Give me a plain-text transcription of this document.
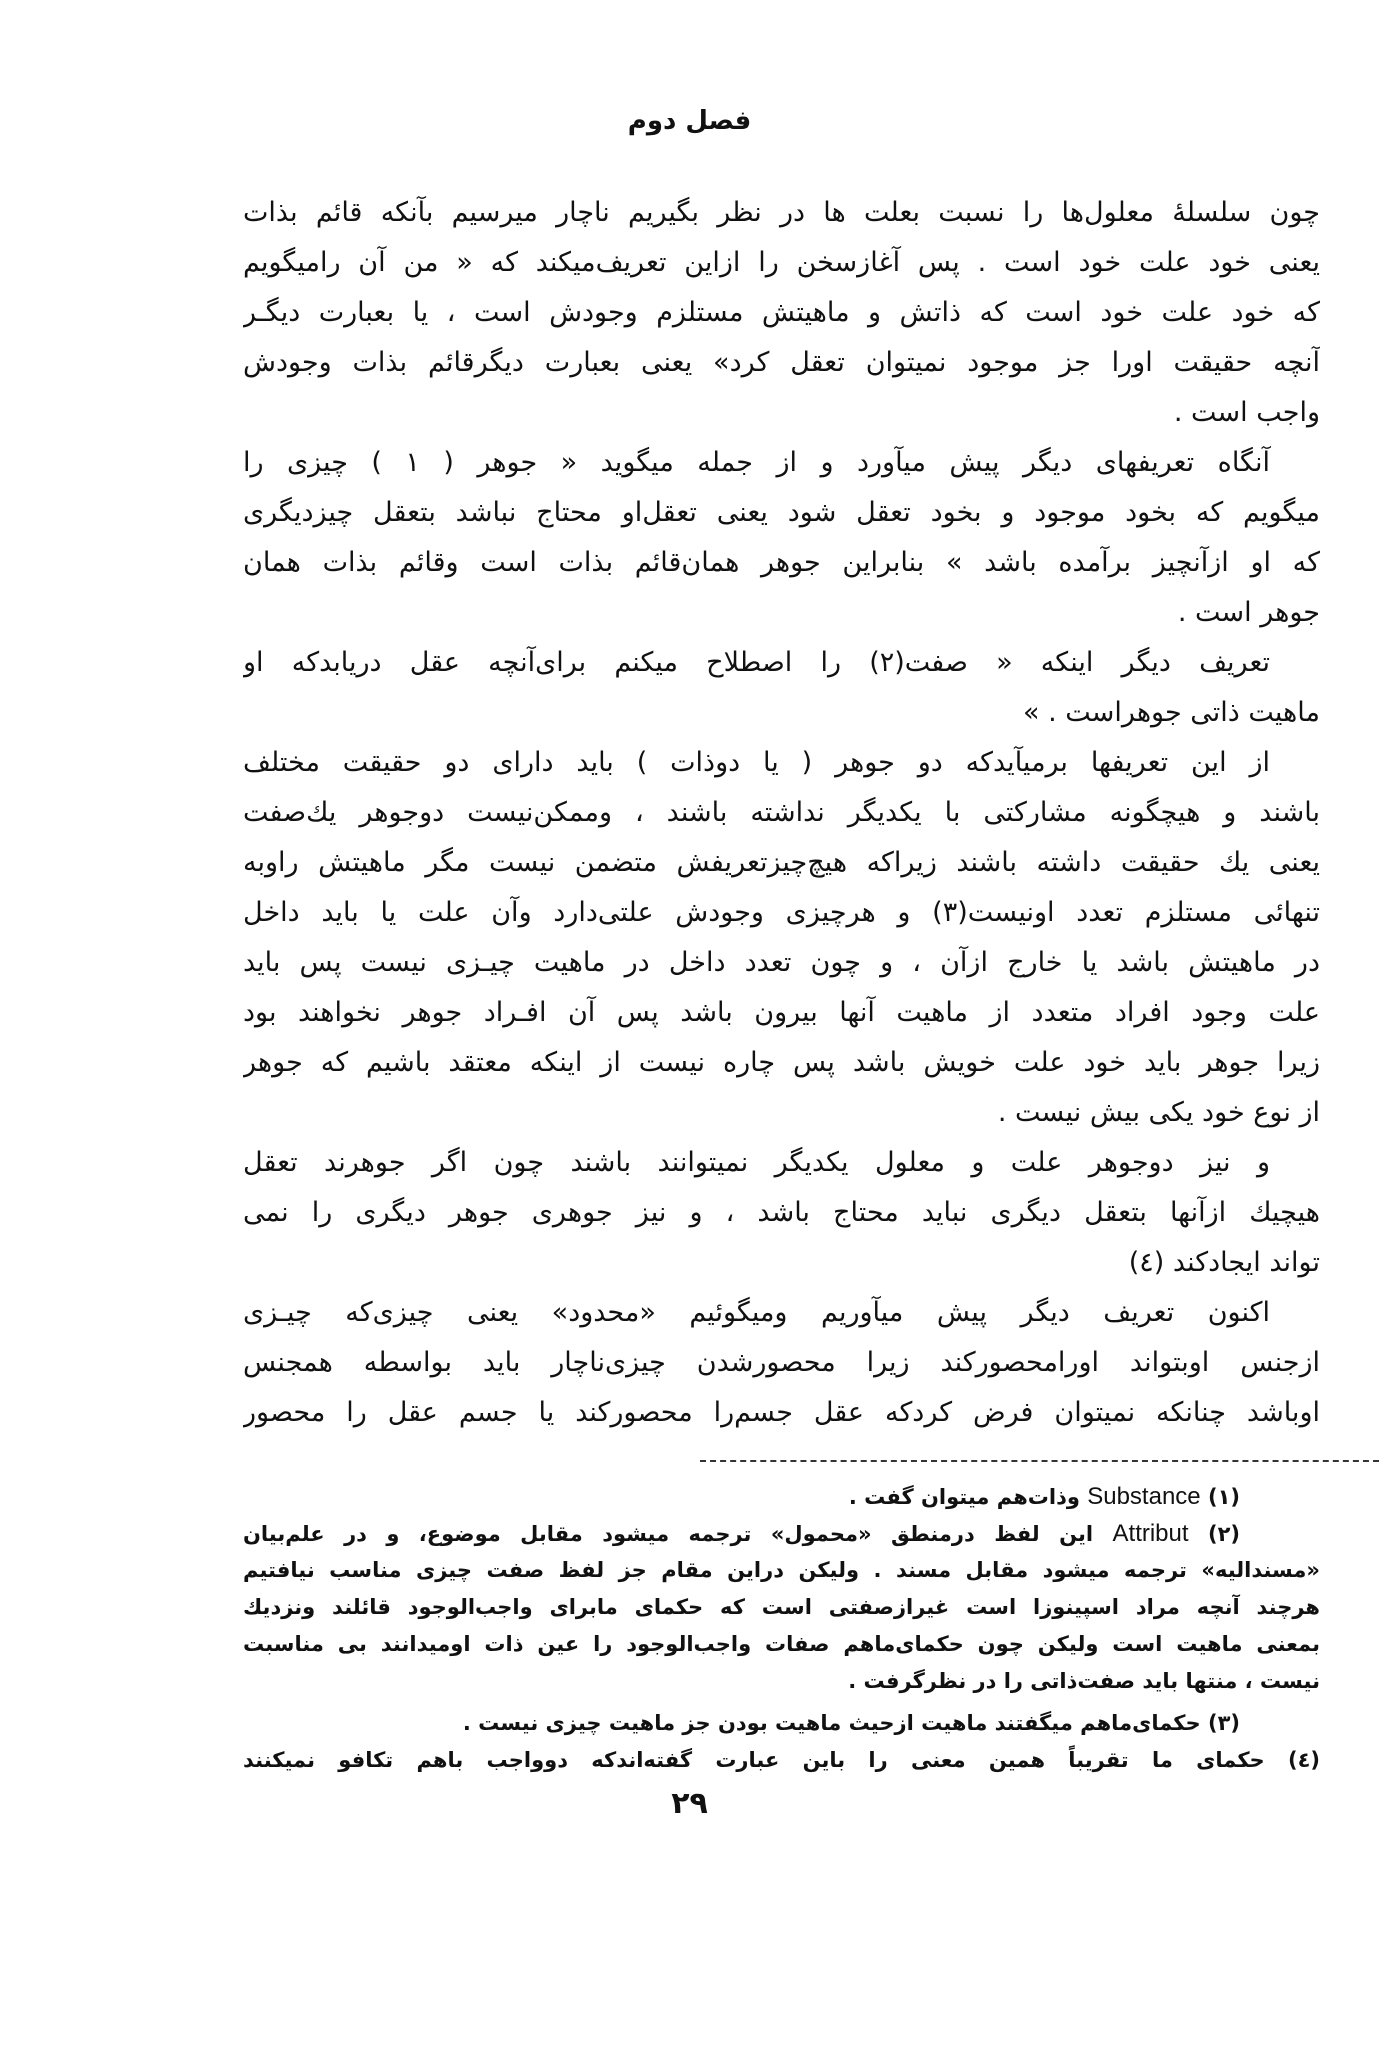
فصل دوم
چون سلسلهٔ معلول‌ها را نسبت بعلت ها در نظر بگیریم ناچار میرسیم بآنکه قائم بذات
یعنی خود علت خود است . پس آغازسخن را ازاین تعریف‌میکند که « من آن رامیگویم
که خود علت خود است که ذاتش و ماهیتش مستلزم وجودش است ، یا بعبارت دیگـر
آنچه حقیقت اورا جز موجود نمیتوان تعقل کرد» یعنی بعبارت دیگرقائم بذات وجودش
واجب است .
آنگاه تعریفهای دیگر پیش میآورد و از جمله میگوید « جوهر ( ۱ ) چیزی را
میگویم که بخود موجود و بخود تعقل شود یعنی تعقل‌او محتاج نباشد بتعقل چیزدیگری
که او ازآنچیز برآمده باشد » بنابراین جوهر همان‌قائم بذات است وقائم بذات همان
جوهر است .
تعریف دیگر اینکه « صفت(۲) را اصطلاح میکنم برای‌آنچه عقل دریابدکه او
ماهیت ذاتی جوهراست . »
از این تعریفها برمیآیدکه دو جوهر ( یا دوذات ) باید دارای دو حقیقت مختلف
باشند و هیچگونه مشارکتی با یکدیگر نداشته باشند ، وممکن‌نیست دوجوهر یك‌صفت
یعنی یك حقیقت داشته باشند زیراکه هیچ‌چیزتعریفش متضمن نیست مگر ماهیتش راوبه
تنهائی مستلزم تعدد اونیست(۳) و هرچیزی وجودش علتی‌دارد وآن علت یا باید داخل
در ماهیتش باشد یا خارج ازآن ، و چون تعدد داخل در ماهیت چیـزی نیست پس باید
علت وجود افراد متعدد از ماهیت آنها بیرون باشد پس آن افـراد جوهر نخواهند بود
زیرا جوهر باید خود علت خویش باشد پس چاره نیست از اینکه معتقد باشیم که جوهر
از نوع خود یکی بیش نیست .
و نیز دوجوهر علت و معلول یکدیگر نمیتوانند باشند چون اگر جوهرند تعقل
هیچیك ازآنها بتعقل دیگری نباید محتاج باشد ، و نیز جوهری جوهر دیگری را نمی
تواند ایجادکند (٤)
اکنون تعریف دیگر پیش میآوریم ومیگوئیم «محدود» یعنی چیزی‌که چیـزی
ازجنس اوبتواند اورامحصورکند زیرا محصورشدن چیزی‌ناچار باید بواسطه همجنس
اوباشد چنانکه نمیتوان فرض کردکه عقل جسم‌را محصورکند یا جسم عقل را محصور
(۱) Substance وذات‌هم میتوان گفت .
(۲) Attribut این لفظ درمنطق «محمول» ترجمه میشود مقابل موضوع، و در علم‌بیان
«مسندالیه» ترجمه میشود مقابل مسند . ولیکن دراین مقام جز لفظ صفت چیزی مناسب نیافتیم
هرچند آنچه مراد اسپینوزا است غیرازصفتی است که حکمای مابرای واجب‌الوجود قائلند ونزدیك
بمعنی ماهیت است ولیکن چون حکمای‌ماهم صفات واجب‌الوجود را عین ذات اومیدانند بی مناسبت
نیست ، منتها باید صفت‌ذاتی را در نظرگرفت .
(۳) حکمای‌ماهم میگفتند ماهیت ازحیث ماهیت بودن جز ماهیت چیزی نیست .
(٤) حکمای ما تقریباً همین معنی را باین عبارت گفته‌اندکه دوواجب باهم تکافو نمیکنند
۲۹
